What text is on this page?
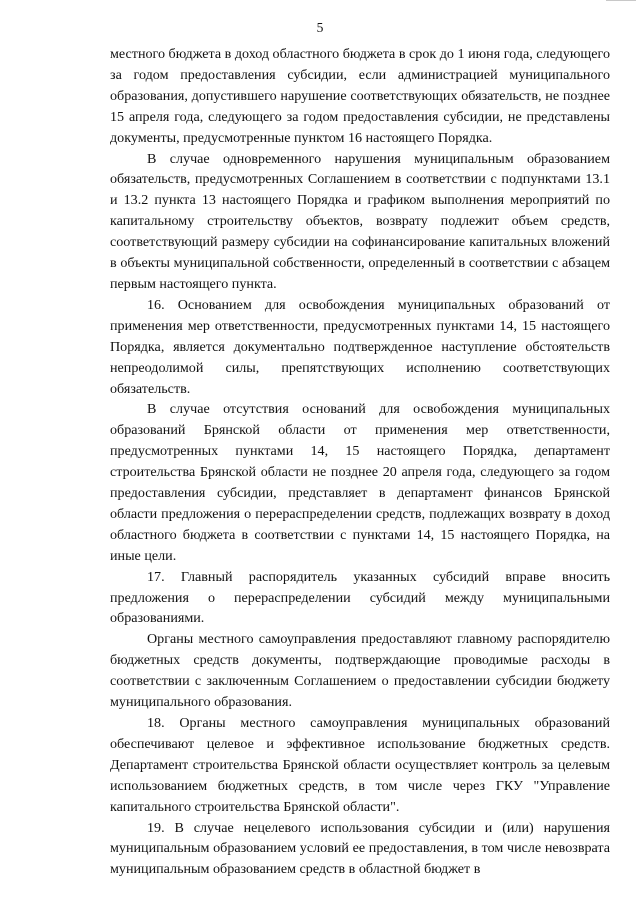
5

местного бюджета в доход областного бюджета в срок до 1 июня года, следующего за годом предоставления субсидии, если администрацией муниципального образования, допустившего нарушение соответствующих обязательств, не позднее 15 апреля года, следующего за годом предоставления субсидии, не представлены документы, предусмотренные пунктом 16 настоящего Порядка.

В случае одновременного нарушения муниципальным образованием обязательств, предусмотренных Соглашением в соответствии с подпунктами 13.1 и 13.2 пункта 13 настоящего Порядка и графиком выполнения мероприятий по капитальному строительству объектов, возврату подлежит объем средств, соответствующий размеру субсидии на софинансирование капитальных вложений в объекты муниципальной собственности, определенный в соответствии с абзацем первым настоящего пункта.

16. Основанием для освобождения муниципальных образований от применения мер ответственности, предусмотренных пунктами 14, 15 настоящего Порядка, является документально подтвержденное наступление обстоятельств непреодолимой силы, препятствующих исполнению соответствующих обязательств.

В случае отсутствия оснований для освобождения муниципальных образований Брянской области от применения мер ответственности, предусмотренных пунктами 14, 15 настоящего Порядка, департамент строительства Брянской области не позднее 20 апреля года, следующего за годом предоставления субсидии, представляет в департамент финансов Брянской области предложения о перераспределении средств, подлежащих возврату в доход областного бюджета в соответствии с пунктами 14, 15 настоящего Порядка, на иные цели.

17. Главный распорядитель указанных субсидий вправе вносить предложения о перераспределении субсидий между муниципальными образованиями.

Органы местного самоуправления предоставляют главному распорядителю бюджетных средств документы, подтверждающие проводимые расходы в соответствии с заключенным Соглашением о предоставлении субсидии бюджету муниципального образования.

18. Органы местного самоуправления муниципальных образований обеспечивают целевое и эффективное использование бюджетных средств. Департамент строительства Брянской области осуществляет контроль за целевым использованием бюджетных средств, в том числе через ГКУ "Управление капитального строительства Брянской области".

19. В случае нецелевого использования субсидии и (или) нарушения муниципальным образованием условий ее предоставления, в том числе невозврата муниципальным образованием средств в областной бюджет в
